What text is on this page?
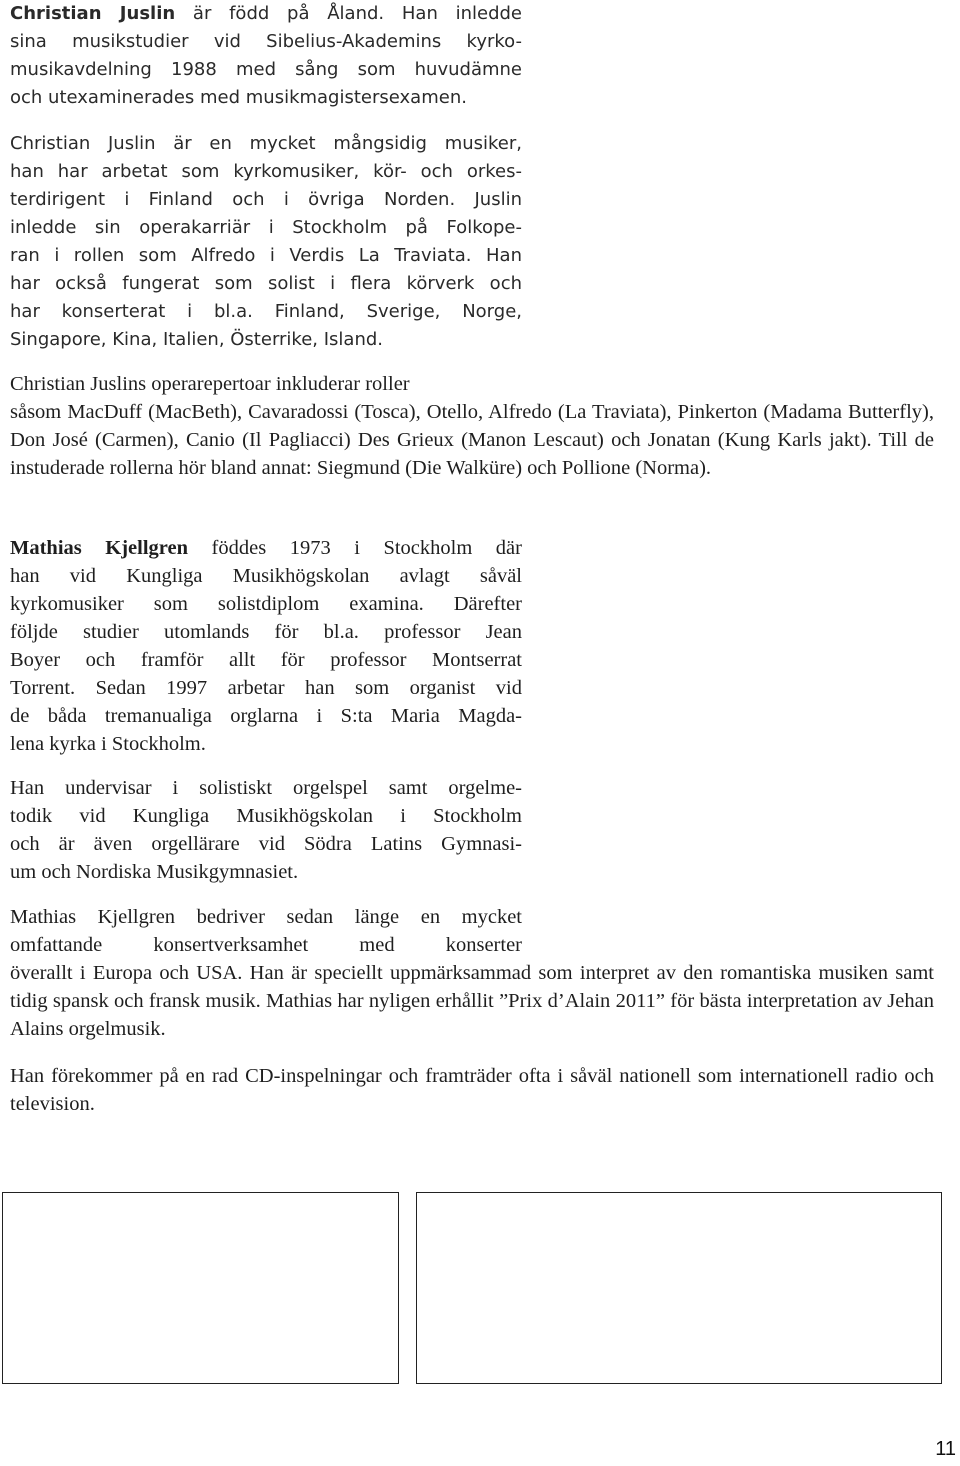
Christian Juslin är född på Åland. Han inledde
sina musikstudier vid Sibelius-Akademins kyrko-
musikavdelning 1988 med sång som huvudämne
och utexaminerades med musikmagistersexamen.
Christian Juslin är en mycket mångsidig musiker,
han har arbetat som kyrkomusiker, kör- och orkes-
terdirigent i Finland och i övriga Norden. Juslin
inledde sin operakarriär i Stockholm på Folkope-
ran i rollen som Alfredo i Verdis La Traviata. Han
har också fungerat som solist i flera körverk och
har konserterat i bl.a. Finland, Sverige, Norge,
Singapore, Kina, Italien, Österrike, Island.
Christian Juslins operarepertoar inkluderar roller
såsom MacDuff (MacBeth), Cavaradossi (Tosca), Otello, Alfredo (La Traviata), Pinkerton (Madama Butterfly), Don José (Carmen), Canio (Il Pagliacci) Des Grieux (Manon Lescaut) och Jonatan (Kung Karls jakt). Till de instuderade rollerna hör bland annat: Siegmund (Die Walküre) och Pollione (Norma).
Mathias Kjellgren föddes 1973 i Stockholm där
han vid Kungliga Musikhögskolan avlagt såväl
kyrkomusiker som solistdiplom examina. Därefter
följde studier utomlands för bl.a. professor Jean
Boyer och framför allt för professor Montserrat
Torrent. Sedan 1997 arbetar han som organist vid
de båda tremanualiga orglarna i S:ta Maria Magda-
lena kyrka i Stockholm.
Han undervisar i solistiskt orgelspel samt orgelme-
todik vid Kungliga Musikhögskolan i Stockholm
och är även orgellärare vid Södra Latins Gymnasi-
um och Nordiska Musikgymnasiet.
Mathias Kjellgren bedriver sedan länge en mycket
omfattande konsertverksamhet med konserter
överallt i Europa och USA. Han är speciellt uppmärksammad som interpret av den romantiska musiken samt tidig spansk och fransk musik. Mathias har nyligen erhållit ”Prix d’Alain 2011” för bästa interpretation av Jehan Alains orgelmusik.
Han förekommer på en rad CD-inspelningar och framträder ofta i såväl nationell som internationell radio och television.
11
